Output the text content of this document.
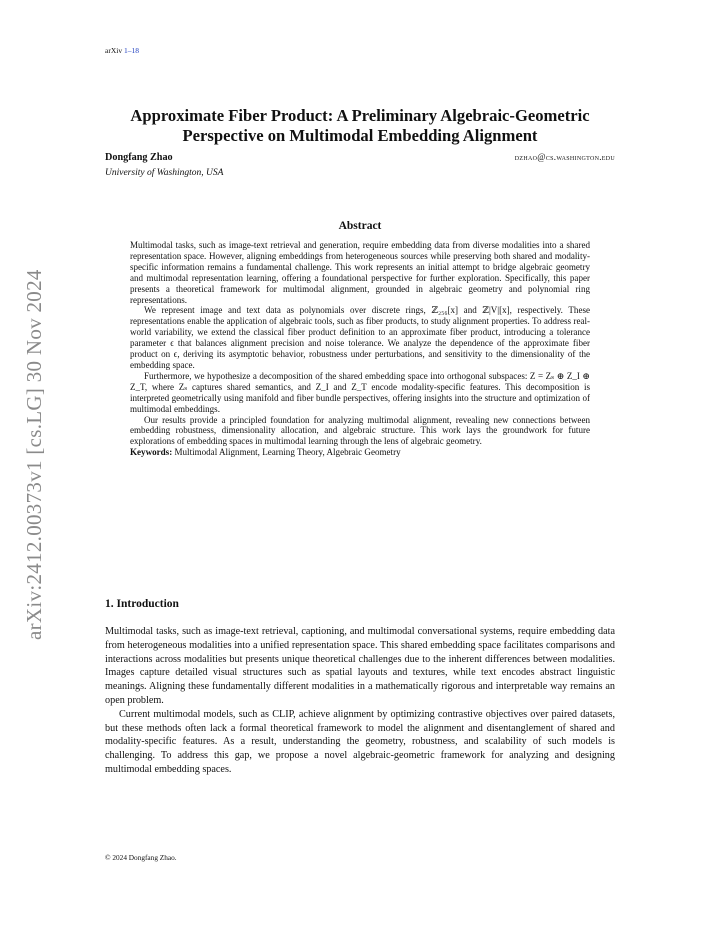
arXiv 1–18
arXiv:2412.00373v1 [cs.LG] 30 Nov 2024
Approximate Fiber Product: A Preliminary Algebraic-Geometric Perspective on Multimodal Embedding Alignment
Dongfang Zhao	dzhao@cs.washington.edu
University of Washington, USA
Abstract

Multimodal tasks, such as image-text retrieval and generation, require embedding data from diverse modalities into a shared representation space. However, aligning embeddings from heterogeneous sources while preserving both shared and modality-specific information remains a fundamental challenge. This work represents an initial attempt to bridge algebraic geometry and multimodal representation learning, offering a foundational perspective for further exploration. Specifically, this paper presents a theoretical framework for multimodal alignment, grounded in algebraic geometry and polynomial ring representations.

We represent image and text data as polynomials over discrete rings, ℤ₂₅₆[x] and ℤ|V|[x], respectively. These representations enable the application of algebraic tools, such as fiber products, to study alignment properties. To address real-world variability, we extend the classical fiber product definition to an approximate fiber product, introducing a tolerance parameter ϵ that balances alignment precision and noise tolerance. We analyze the dependence of the approximate fiber product on ϵ, deriving its asymptotic behavior, robustness under perturbations, and sensitivity to the dimensionality of the embedding space.

Furthermore, we hypothesize a decomposition of the shared embedding space into orthogonal subspaces: Z = Zₛ ⊕ Z_I ⊕ Z_T, where Zₛ captures shared semantics, and Z_I and Z_T encode modality-specific features. This decomposition is interpreted geometrically using manifold and fiber bundle perspectives, offering insights into the structure and optimization of multimodal embeddings.

Our results provide a principled foundation for analyzing multimodal alignment, revealing new connections between embedding robustness, dimensionality allocation, and algebraic structure. This work lays the groundwork for future explorations of embedding spaces in multimodal learning through the lens of algebraic geometry.

Keywords: Multimodal Alignment, Learning Theory, Algebraic Geometry

1. Introduction

Multimodal tasks, such as image-text retrieval, captioning, and multimodal conversational systems, require embedding data from heterogeneous modalities into a unified representation space. This shared embedding space facilitates comparisons and interactions across modalities but presents unique theoretical challenges due to the inherent differences between modalities. Images capture detailed visual structures such as spatial layouts and textures, while text encodes abstract linguistic meanings. Aligning these fundamentally different modalities in a mathematically rigorous and interpretable way remains an open problem.

Current multimodal models, such as CLIP, achieve alignment by optimizing contrastive objectives over paired datasets, but these methods often lack a formal theoretical framework to model the alignment and disentanglement of shared and modality-specific features. As a result, understanding the geometry, robustness, and scalability of such models is challenging. To address this gap, we propose a novel algebraic-geometric framework for analyzing and designing multimodal embedding spaces.

© 2024 Dongfang Zhao.
